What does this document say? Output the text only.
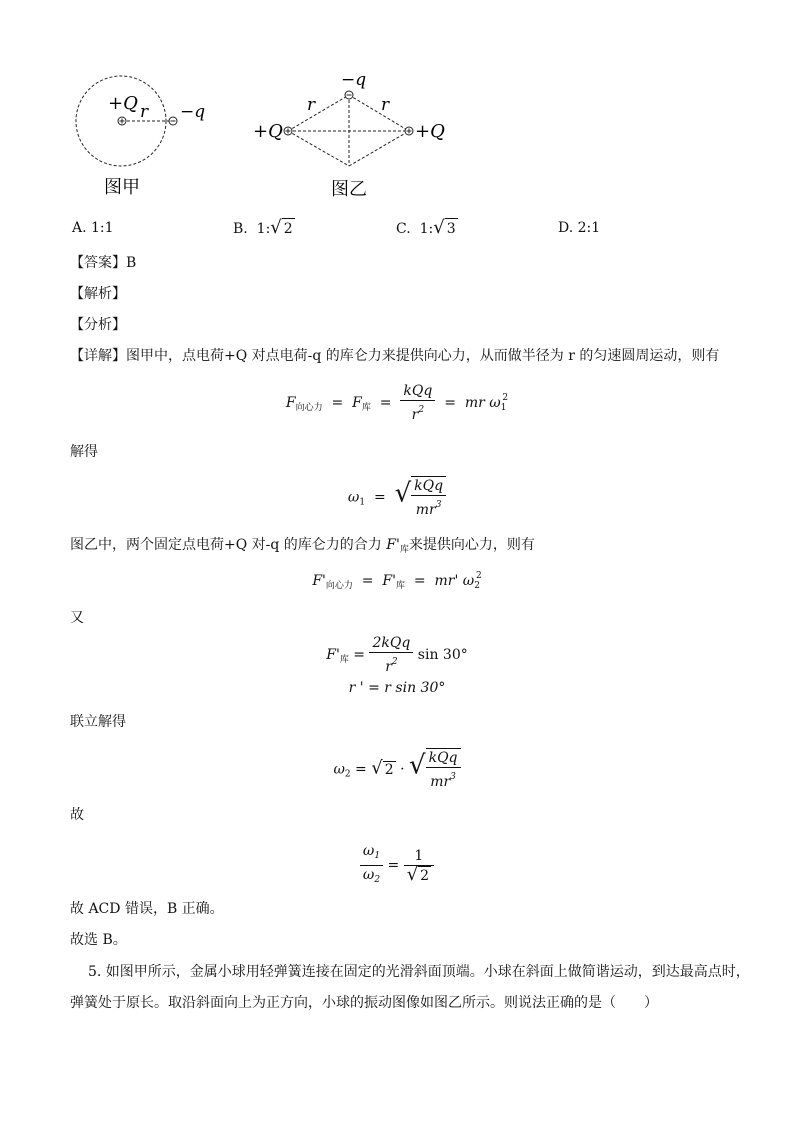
+Q r −q
图甲
−q
r	r
+Q	+Q
图乙
A. 1:1	B. 1:√ 2	C. 1:√ 3	D. 2:1
【答案】B
【解析】
【分析】
【详解】图甲中，点电荷+Q 对点电荷-q 的库仑力来提供向心力，从而做半径为 r 的匀速圆周运动，则有
$F_{向心力} = F_库 = \frac{\text{kQq}}{r^2}$ =  mr $\omega_1^2$
解得
$\omega_1$  =  √ $\frac{\text{kQq}}{mr^3}$
图乙中，两个固定点电荷+Q 对-q 的库仑力的合力 $F'_库$来提供向心力，则有
$F'_{向心力} = F'_库 = mr'$ $\omega_2^2$
又
$F'_库 = \frac{\text{2kQq}}{r^2}$ sin 30°
r ' = r sin 30°
联立解得
$\omega_2$ = √ 2 · √ $\frac{\text{kQq}}{mr^3}$
故
$\frac{\omega_1}{\omega_2} = \frac{1}{√ 2}$
故 ACD 错误，B 正确。
故选 B。
5. 如图甲所示，金属小球用轻弹簧连接在固定的光滑斜面顶端。小球在斜面上做简谐运动，到达最高点时，
弹簧处于原长。取沿斜面向上为正方向，小球的振动图像如图乙所示。则说法正确的是（　　）
